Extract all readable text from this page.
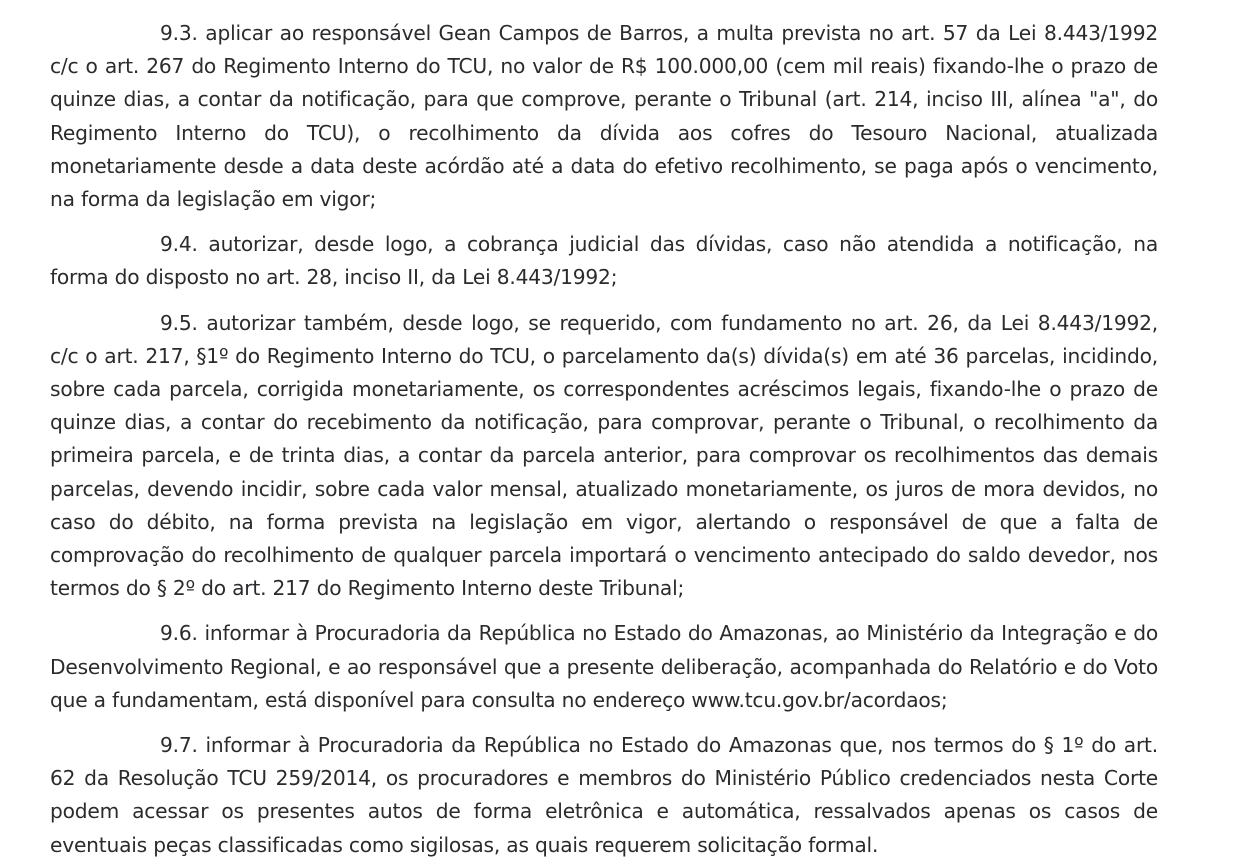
9.3. aplicar ao responsável Gean Campos de Barros, a multa prevista no art. 57 da Lei 8.443/1992 c/c o art. 267 do Regimento Interno do TCU, no valor de R$ 100.000,00 (cem mil reais) fixando-lhe o prazo de quinze dias, a contar da notificação, para que comprove, perante o Tribunal (art. 214, inciso III, alínea "a", do Regimento Interno do TCU), o recolhimento da dívida aos cofres do Tesouro Nacional, atualizada monetariamente desde a data deste acórdão até a data do efetivo recolhimento, se paga após o vencimento, na forma da legislação em vigor;

9.4. autorizar, desde logo, a cobrança judicial das dívidas, caso não atendida a notificação, na forma do disposto no art. 28, inciso II, da Lei 8.443/1992;

9.5. autorizar também, desde logo, se requerido, com fundamento no art. 26, da Lei 8.443/1992, c/c o art. 217, §1º do Regimento Interno do TCU, o parcelamento da(s) dívida(s) em até 36 parcelas, incidindo, sobre cada parcela, corrigida monetariamente, os correspondentes acréscimos legais, fixando-lhe o prazo de quinze dias, a contar do recebimento da notificação, para comprovar, perante o Tribunal, o recolhimento da primeira parcela, e de trinta dias, a contar da parcela anterior, para comprovar os recolhimentos das demais parcelas, devendo incidir, sobre cada valor mensal, atualizado monetariamente, os juros de mora devidos, no caso do débito, na forma prevista na legislação em vigor, alertando o responsável de que a falta de comprovação do recolhimento de qualquer parcela importará o vencimento antecipado do saldo devedor, nos termos do § 2º do art. 217 do Regimento Interno deste Tribunal;

9.6. informar à Procuradoria da República no Estado do Amazonas, ao Ministério da Integração e do Desenvolvimento Regional, e ao responsável que a presente deliberação, acompanhada do Relatório e do Voto que a fundamentam, está disponível para consulta no endereço www.tcu.gov.br/acordaos;

9.7. informar à Procuradoria da República no Estado do Amazonas que, nos termos do § 1º do art. 62 da Resolução TCU 259/2014, os procuradores e membros do Ministério Público credenciados nesta Corte podem acessar os presentes autos de forma eletrônica e automática, ressalvados apenas os casos de eventuais peças classificadas como sigilosas, as quais requerem solicitação formal.
